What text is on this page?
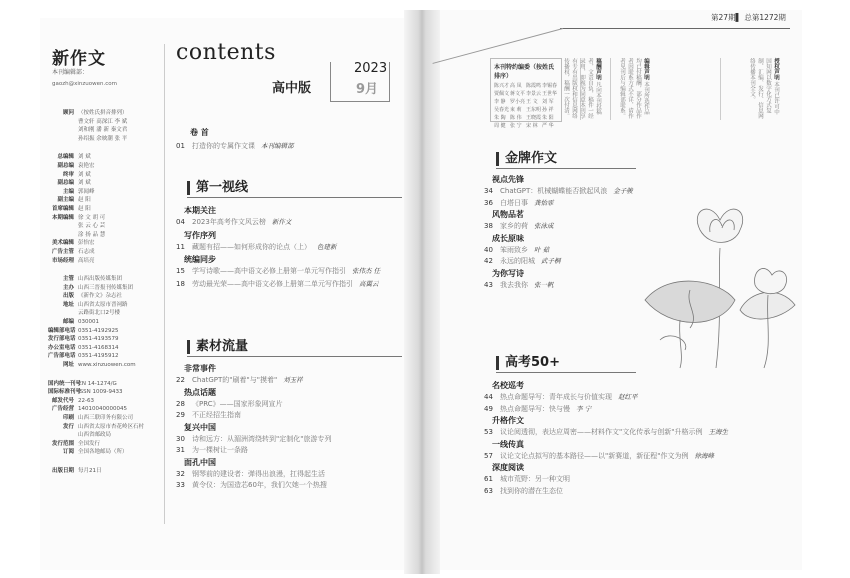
新作文
本刊编辑部：
gaozh@xinzuowen.com
顾问 （按姓氏拼音排列）
曹文轩 高深江 李 斌
刘和刚 潘 新 秦文君
孙绍振 余映潮 张 平
总编辑 刘 斌
副总编 袁艳宏
终审 刘 斌
副总编 刘 斌
主编 郭闻峰
副主编 赵 阳
首席编辑 赵 阳
本期编辑 徐 文 胡 可
张 云 心 芸
涂 扬 品 慧
美术编辑 彭怡宏
广告主管 石志成
市场经理 高培亮
主管 山西出版传媒集团
主办 山西三晋报刊传媒集团
出版 《新作文》杂志社
地址 山西省太原市晋祠路
云路街北口2号楼
邮编 030001
编辑部电话 0351-4192925
发行部电话 0351-4193579
办公室电话 0351-4168314
广告部电话 0351-4195912
网址 www.xinzuowen.com
国内统一刊号
CN 14-1274/G
国际标准刊号
ISSN 1009-9433
邮发代号 22-63
广告经营 14010040000045
印刷 山西三联印务有限公司
发行 山西省太原市杏花岭区石村
山西省邮政局
发行范围 全国发行
订阅 全国各地邮局（所）
出版日期 每月21日
contents
高中版
2023
9月
卷 首
01 打造你的专属作文课 本刊编辑部
第一视线
本期关注
04 2023年高考作文风云榜 新作文
写作序列
11 藏题有招——如何形成你的论点（上） 色建新
统编同步
15 学写诗歌——高中语文必修上册第一单元写作指引 张伟杰 任
18 劳动最光荣——高中语文必修上册第二单元写作指引 高翼云
素材流量
非常事件
22 ChatGPT的"刷着"与"摸着" 刘玉祥
热点话题
28 《PRC》——国家形象网宣片
29 不正经招生指南
复兴中国
30 诗和远方：从湄洲湾绕转到"定制化"旅游专列
31 为一棵树让一条路
面孔中国
32 钢琴前的建设者：弹得出浪漫，扛得起生活
33 黄令仪：为国造芯60年，我们欠她一个热搜
第27期▌ 总第1272期
本刊特约编委（按姓氏排序）
陈兴才 高 凤 陈霞鸣 李锡春
贾佩文 蒋文平 李景云 王世华
李 静 罗小亮 王 文 刘 军
吴春光 束 莉 王东明 孙 祥
朱 陶 陈 伟 王晓霞 朱 阳
周 健 张 宁 宋 林 严 华
稿酬声明 凡向本刊投稿者，文责自负，稿件一经录用，即视为同意本刊享有专有出版权和信息网络传播权，稿酬一次付清。	编辑声明 本刊所选作品均已付稿酬，部分作品作者因联系方式不详，请作者见刊后与编辑部联系。	授权声明 本刊已许可中国知网以数字化方式复制、汇编、发行、信息网络传播本刊全文。
金牌作文
视点先锋
34 ChatGPT：机械蝴蝶能否掀起风浪 金子骏
36 白塔日事 龚怡霏
风物品茗
38 家乡的荷 张泳成
成长原味
40 笨雨致乡 叶 茹
42 永远的阳城 武子桐
为你写诗
43 我去我你 张一帆
高考50+
名校巡考
44 热点命题导写：青年成长与价值实现 赵红平
49 热点命题导写：快与慢 李 宁
升格作文
53 议论阅透彻，表达应周密——材料作文"文化传承与创新"升格示例 王海生
一线传真
57 议论文论点拟写的基本路径——以"新赛道，新征程"作文为例 徐海峰
深度阅读
61 城市荒野：另一种文明
63 找到你的潜在生态位
